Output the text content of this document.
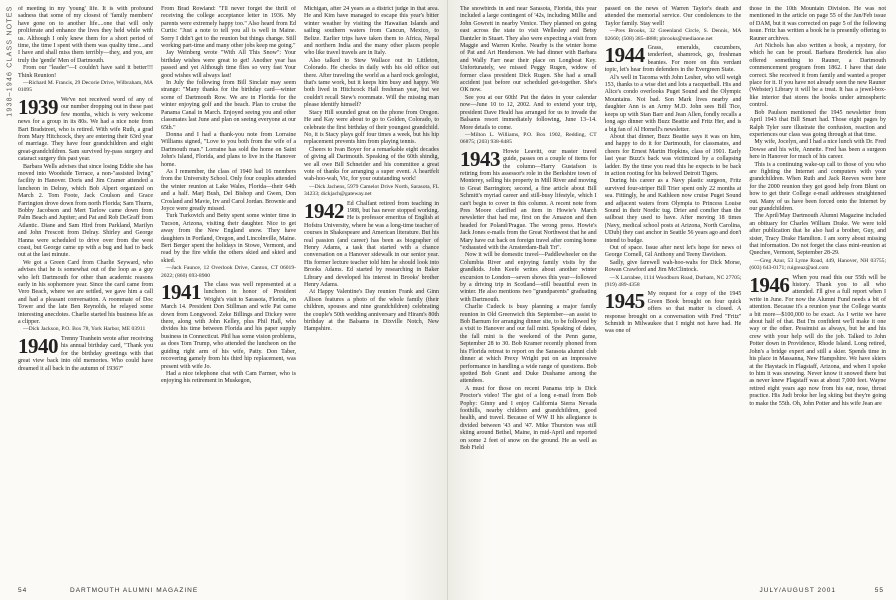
1938–1946 CLASS NOTES of meeting in my 'young' life. It is with profound sadness that some of my closest of 'family members' have gone on to another life....one that will only proliferate and enhance the lives they held while with us. Although I only knew them for a short period of time, the time I spent with them was quality time....and I have and shall miss them terribly—they, and you, are truly the 'gentle' Men of Dartmouth.

From our "leader"—I couldn't have said it better!!! Think Reunion!

—Richard M. Francis, 29 Decorie Drive, Wilbraham, MA 01095

1939 We've not received word of any of our number dropping out in these past few months, which is very welcome news for a group in its 80s. We had a nice note from Bart Bradstreet, who is retired. With wife Ruth, a grad from Mary Hitchcock, they are entering their 63rd year of marriage. They have four grandchildren and eight great-grandchildren. Sam survived by-pass surgery and cataract surgery this past year.

Barbara Wells advises that since losing Eddie she has moved into Woodside Terrace, a non-"assisted living" facility in Hanover. Doris and Jim Cramer attended a luncheon in Delray, which Bob Alpert organized on March 2. Tom Foote, Jack Coulson and Grace Farrington drove down from north Florida; Sam Thurm, Bobby Jacobson and Mert Tarlow came down from Palm Beach and Jupiter; and Pat and Rob DeGraff from Atlantic. Diane and Sam Hird from Parkland, Marilyn and John Frescott from Delray. Shirley and George Hanna were scheduled to drive over from the west coast, but George came up with a bug and had to back out at the last minute.

We got a Green Card from Charlie Seyward, who advises that he is somewhat out of the loop as a guy who left Dartmouth for other than academic reasons early in his sophomore year. Since the card came from Vero Beach, where we are settled, we gave him a call and had a pleasant conversation. A roommate of Doc Tower and the late Ben Reynolds, he relayed some interesting anecdotes. Charlie started his business life as a clipper.

—Dick Jackson, P.O. Box 78, York Harbor, ME 03911

1940 Trenny Tranhein wrote after receiving his annual birthday card, "Thank you for the birthday greetings with that great view back into old memories. Who could have dreamed it all back in the autumn of 1936?"

From Brad Rowland: "I'll never forget the thrill of receiving the college acceptance letter in 1936. My parents were extremely happy too." Also heard from Ed Curtis: "Just a note to tell you all is well in Maine. Sorry I didn't get to the reunion but things change. Still working part-time and many other jobs keep me going."

Jay Weinberg wrote "With All This Snow": Your birthday wishes were great to get! Another year has passed and yet Although time flies so very fast Your good wishes will always last!

In July the following from Bill Sinclair may seem strange: "Many thanks for the birthday card—winter scene of Dartmouth Row. We are in Florida for the winter enjoying golf and the beach. Plan to cruise the Panama Canal in March. Enjoyed seeing you and other classmates last June and plan on seeing everyone at our 65th."

Donna and I had a thank-you note from Lorraine Williams signed, "Love to you both from the wife of a Dartmouth man." Lorraine has sold the home on Saint John's Island, Florida, and plans to live in the Hanover home.

As I remember, the class of 1940 had 16 members from the University School. Only four couples attended the winter reunion at Lake Wales, Florida—their 64th and a half. Marj Bush, Del Bishop and Gwen, Don Crosland and Mavie, Irv and Carol Jordan. Brownie and Joyce were greatly missed.

Turk Turkovich and Betty spent some winter time in Tucson, Arizona, visiting their daughter. Nice to get away from the New England snow. They have daughters in Portland, Oregon, and Lincolnville, Maine. Bert Berger spent the holidays in Stowe, Vermont, and read by the fire while the others skied and skied and skied.

—Jack Faunce, 12 Overlook Drive, Canton, CT 06019-2022; (860) 693-8900

1941 The class was well represented at a luncheon in honor of President Wright's visit to Sarasota, Florida, on March 14. President Don Stillman and wife Pat came down from Longwood. Zeke Billings and Dickey were there, along with John Kelley, plus Phil Hall, who divides his time between Florida and his paper supply business in Connecticut. Phil has some vision problems, as does Tom Trump, who attended the luncheon on the guiding right arm of his wife, Patty. Don Taber, recovering gamely from his third hip replacement, was present with wife Jo.

Had a nice telephone chat with Cam Farmer, who is enjoying his retirement in Muskegon,

Michigan, after 24 years as a district judge in that area. He and Kim have managed to escape this year's bitter winter weather by visiting the Hawaiian Islands and sailing southern waters from Cancun, Mexico, to Belize. Earlier trips have taken them to Africa, Nepal and northern India and the many other places people who like travel travels are in Italy.

Also talked to Stew Wallace out in Littleton, Colorado. He checks in daily with his old office out there. After traveling the world as a hard rock geologist, that's tame work, but it keeps him busy and happy. We both lived in Hitchcock Hall freshman year, but we couldn't recall Stew's roommate. Will the missing man please identify himself?

Stacy Hill sounded great on the phone from Oregon. He and Kay were about to go to Golden, Colorado, to celebrate the first birthday of their youngest grandchild. No, it is Stacy plays golf four times a week, but his hip replacement prevents him from playing tennis.

Cheers to Ivan Boyer for a remarkable eight decades of giving all Dartmouth. Speaking of the 60th shindig, we all owe Bill Schneider and his committee a great vote of thanks for arranging a super event. A heartfelt wah-hoo-wah, Vic, for your outstanding work!

—Dick Jachens, 5979 Camelot Drive North, Sarasota, FL 34233; dickjach@gateway.net

1942 Ed Chalfant retired from teaching in 1988, but has never stopped working. He is professor emeritus of English at Hofstra University, where he was a long-time teacher of courses in Shakespeare and American literature. But his real passion (and career) has been as biographer of Henry Adams, a task that started with a chance conversation on a Hanover sidewalk in our senior year. His former lecture teacher told him he should look into Brooks Adams. Ed started by researching in Baker Library and developed his interest in Brooks' brother Henry Adams.

At Happy Valentine's Day reunion Frank and Ginn Allison features a photo of the whole family (their children, spouses and nine grandchildren) celebrating the couple's 50th wedding anniversary and Hiram's 80th birthday at the Balsams in Dixville Notch, New Hampshire.

54	DARTMOUTH ALUMNI MAGAZINE

The snowbirds in and near Sarasota, Florida, this year included a large contingent of '42s, including Millie and John Gowrett in nearby Venice. They planned on going east across the state to visit Wellesley and Betsy Dantzler in Stuart. They also were expecting a visit from Maggie and Warren Krehe. Nearby is the winter home of Pat and Art Henderson. We had dinner with Barbara and Wally Farr near their place on Longboat Key. Unfortunately, we missed Peggy Rugen, widow of former class president Dick Rugen. She had a small accident just before our scheduled get-together. She's OK now.

See you at our 60th! Put the dates in your calendar now—June 10 to 12, 2002. And to extend your trip, president Dave Heald has arranged for us to invade the Balsams resort immediately following, June 13–14. More details to come.

—Milton L. Williams, P.O. Box 1902, Redding, CT 06875; (203) 938-8485

1943 Howie Leavitt, our master travel guide, passes on a couple of items for the column—Harry Gustafson is retiring from his assessor's role in the Berkshire town of Monterey, selling his property in Mill River and moving to Great Barrington; second, a fine article about Bill Schmitt's myriad career and still-busy lifestyle, which I can't begin to cover in this column. A recent note from Pres Moore clarified an item in Howie's March newsletter that had me, first on the Amazon and then headed for Poland/Prague. The wrong press. Howie's Jack Jones e-mails from the Great Northwest that he and Mary have cut back on foreign travel after coming home "exhausted with the Amsterdam-Bali Tri".

Now it will be domestic travel—Paddlewheeler on the Columbia River and enjoying family visits by the grandkids. John Keefe writes about another winter excursion to London—seven shows this year—followed by a driving trip in Scotland—still beautiful even in winter. He also mentions two "grandparents" graduating with Dartmouth.

Charlie Cudeck is busy planning a major family reunion in Old Greenwich this September—an assist to Bob Barnum for arranging dinner site, to be followed by a visit to Hanover and our fall mini. Speaking of dates, the fall mini is the weekend of the Penn game, September 28 to 30. Bob Kramer recently phoned from his Florida retreat to report on the Sarasota alumni club dinner at which Prexy Wright put on an impressive performance in handling a wide range of questions. Bob spotted Bob Grant and Duke Dushame among the attendees.

A must for those on recent Panama trip is Dick Proctor's video! The gist of a long e-mail from Bob Pophy: Ginny and I enjoy California Sierra Nevada foothills, nearby children and grandchildren, good health, and travel. Because of WW II his allegiance is divided between '43 and '47. Mike Thurston was still skiing around Bethel, Maine, in mid-April and reported on some 2 feet of snow on the ground. He as well as Bob Field

passed on the news of Warren Taylor's death and attended the memorial service. Our condolences to the Taylor family. Stay well!

—Pres Brooks, 32 Greenland Circle, S. Dennis, MA 02660; (508) 385-4888; pbrooks@mediaone.net

1944 Grass, emeralds, cucumbers, tenderfeet, shamrock, go, freshman beanies. For more on this verdant topic, let's hear from defenders in the Evergreen State.

Al's well in Tacoma with John Lesher, who will weigh 153, thanks to a wise diet and lots a racquetball. His and Alice's condo overlooks Puget Sound and the Olympic Mountains. Not bad. Son Mark lives nearby and daughter Ann is an Army M.D. John sees Bill Tice, keeps up with Stan Barr and Jean Allen, fondly recalls a long ago dinner with Buzz Beattie and Fritz Her, and is a big fan of Al Hornell's newsletter.

About that dinner, Buzz Beattie says it was on him, and happy to do it for Dartmouth, for classmates, and cheers for Ernest Martin Hopkins, class of 1901. Early last year Buzz's back was victimized by a collapsing ladder. By the time you read this he expects to be back in action rooting for his beloved Detroit Tigers.

During his career as a Navy plastic surgeon, Fritz survived four-striper Bill Trier spent only 22 months at sea. Fittingly, he and Kathleen now cruise Puget Sound and adjacent waters from Olympia to Princess Louise Sound in their Nordic tug. Drier and comfier than the sailboat they used to have. After moving 18 times (Navy, medical school posts at Arizona, North Carolina, UDub) they cast anchor in Seattle 56 years ago and don't intend to budge.

Out of space. Issue after next let's hope for news of George Cornell, Gil Anthony and Teeny Davidson.

Sadly, give farewell wah-hoo-wahs for Dick Morse, Rowan Crawford and Jim McClintock.

—X Larrabee, 1114 Woodburn Road, Durham, NC 27705; (919) 489-4358

1945 My request for a copy of the 1945 Green Book brought on four quick offers so that matter is closed. A response brought on a conversation with Fred "Fritz" Schmidt in Milwaukee that I might not have had. He was one of

those in the 10th Mountain Division. He was not mentioned in the article on page 55 of the Jan/Feb issue of DAM, but it was corrected on page 5 of the following issue. Fritz has written a book he is presently offering to Rauner archives.

Art Nichols has also written a book, a mystery, for which he can be proud. Barbara Broderick has also offered something to Rauner, a Dartmouth commencement program from 1862. I have that date correct. She received it from family and wanted a proper place for it. If you have not already seen the new Rauner (Webster) Library it will be a treat. It has a jewel-box-like interior that stores the books under atmospheric control.

Bob Paulson mentioned the 1945 newsletter from April 1943 that Bill Smart had. Those eight pages by Ralph Tyler sure illustrate the confusion, reaction and experiences our class was going through at that time.

My wife, Jocelyn, and I had a nice lunch with Dr. Fred Dowse and his wife, Annette. Fred has been a surgeon here in Hanover for much of his career.

This is a continuing wake-up call to those of you who are fighting the Internet and computers with your grandchildren. When Ruth and Jack Reeves were here for the 2000 reunion they got good help from Blunt on how to get their College e-mail addresses straightened out. Many of us have been forced onto the Internet by our grandchildren.

The April/May Dartmouth Alumni Magazine included an obituary for Charles William Drake. We were told after publication that he also had a brother, Guy, and sister, Tracy Drake Hamilton. I am sorry about missing that information. Do not forget the class mini-reunion at Quechee, Vermont, September 28-29.

—Greg Azur, 53 Lyme Road, 449, Hanover, NH 03755; (603) 643-0171; ruigreaz@aol.com

1946 When you read this our 55th will be history. Thank you to all who attended. I'll give a full report when I write in June. For now the Alumni Fund needs a bit of attention. Because it's a reunion year the College wants a bit more—$100,000 to be exact. As I write we have about half of that. But I'm confident we'll make it one way or the other. Pessimist as always, but he and his crew with your help will do the job. Talked to John Potter down in Providence, Rhode Island. Long retired, John's a bridge expert and still a skier. Spends time in his place in Massanna, New Hampshire. We have skiers at the Haystack in Flagstaff, Arizona, and when I spoke to him it was snowing. Never know it snowed there but as never knew Flagstaff was at about 7,000 feet. Wayne retired eight years ago now from his ear, nose, throat practice. His Judi broke her leg skiing but they're going to make the 55th. Oh, John Potter and his wife Jean are

JULY/AUGUST 2001	55
